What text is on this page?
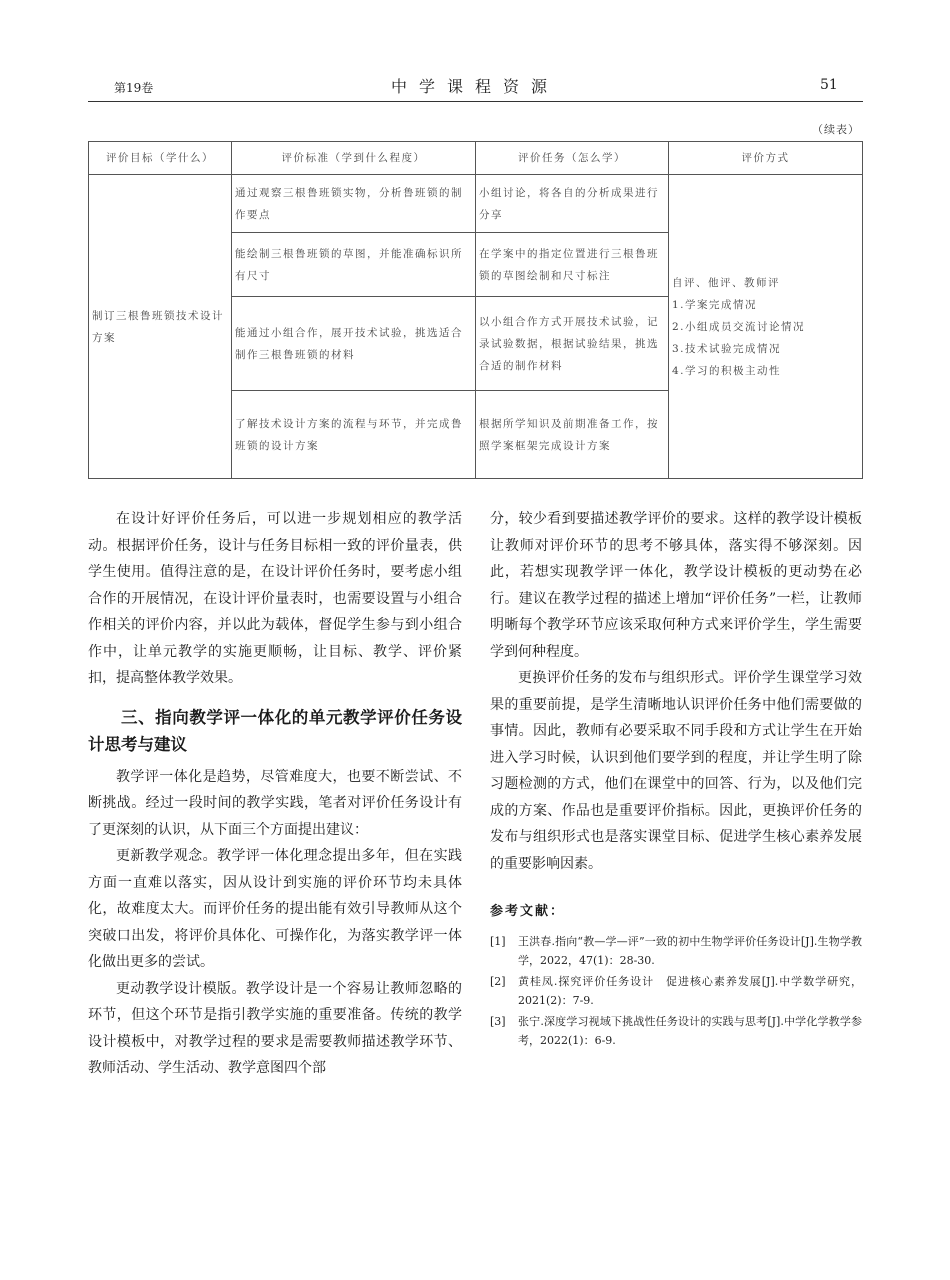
第19卷	中学课程资源	51
（续表）
评价目标（学什么）	评价标准（学到什么程度）	评价任务（怎么学）	评价方式
制订三根鲁班锁技术设计方案	通过观察三根鲁班锁实物，分析鲁班锁的制作要点	小组讨论，将各自的分析成果进行分享	自评、他评、教师评
1.学案完成情况
2.小组成员交流讨论情况
3.技术试验完成情况
4.学习的积极主动性

	能绘制三根鲁班锁的草图，并能准确标识所有尺寸	在学案中的指定位置进行三根鲁班锁的草图绘制和尺寸标注	
	能通过小组合作，展开技术试验，挑选适合制作三根鲁班锁的材料	以小组合作方式开展技术试验，记录试验数据，根据试验结果，挑选合适的制作材料	
	了解技术设计方案的流程与环节，并完成鲁班锁的设计方案	根据所学知识及前期准备工作，按照学案框架完成设计方案	

在设计好评价任务后，可以进一步规划相应的教学活动。根据评价任务，设计与任务目标相一致的评价量表，供学生使用。值得注意的是，在设计评价任务时，要考虑小组合作的开展情况，在设计评价量表时，也需要设置与小组合作相关的评价内容，并以此为载体，督促学生参与到小组合作中，让单元教学的实施更顺畅，让目标、教学、评价紧扣，提高整体教学效果。

三、指向教学评一体化的单元教学评价任务设计思考与建议

教学评一体化是趋势，尽管难度大，也要不断尝试、不断挑战。经过一段时间的教学实践，笔者对评价任务设计有了更深刻的认识，从下面三个方面提出建议：

更新教学观念。教学评一体化理念提出多年，但在实践方面一直难以落实，因从设计到实施的评价环节均未具体化，故难度太大。而评价任务的提出能有效引导教师从这个突破口出发，将评价具体化、可操作化，为落实教学评一体化做出更多的尝试。

更动教学设计模版。教学设计是一个容易让教师忽略的环节，但这个环节是指引教学实施的重要准备。传统的教学设计模板中，对教学过程的要求是需要教师描述教学环节、教师活动、学生活动、教学意图四个部

分，较少看到要描述教学评价的要求。这样的教学设计模板让教师对评价环节的思考不够具体，落实得不够深刻。因此，若想实现教学评一体化，教学设计模板的更动势在必行。建议在教学过程的描述上增加“评价任务”一栏，让教师明晰每个教学环节应该采取何种方式来评价学生，学生需要学到何种程度。

更换评价任务的发布与组织形式。评价学生课堂学习效果的重要前提，是学生清晰地认识评价任务中他们需要做的事情。因此，教师有必要采取不同手段和方式让学生在开始进入学习时候，认识到他们要学到的程度，并让学生明了除习题检测的方式，他们在课堂中的回答、行为，以及他们完成的方案、作品也是重要评价指标。因此，更换评价任务的发布与组织形式也是落实课堂目标、促进学生核心素养发展的重要影响因素。

参考文献：
[1]	王洪春.指向“教—学—评”一致的初中生物学评价任务设计[J].生物学教学，2022，47(1)：28-30.
[2]	黄桂凤.探究评价任务设计　促进核心素养发展[J].中学数学研究，2021(2)：7-9.
[3]	张宁.深度学习视域下挑战性任务设计的实践与思考[J].中学化学教学参考，2022(1)：6-9.
